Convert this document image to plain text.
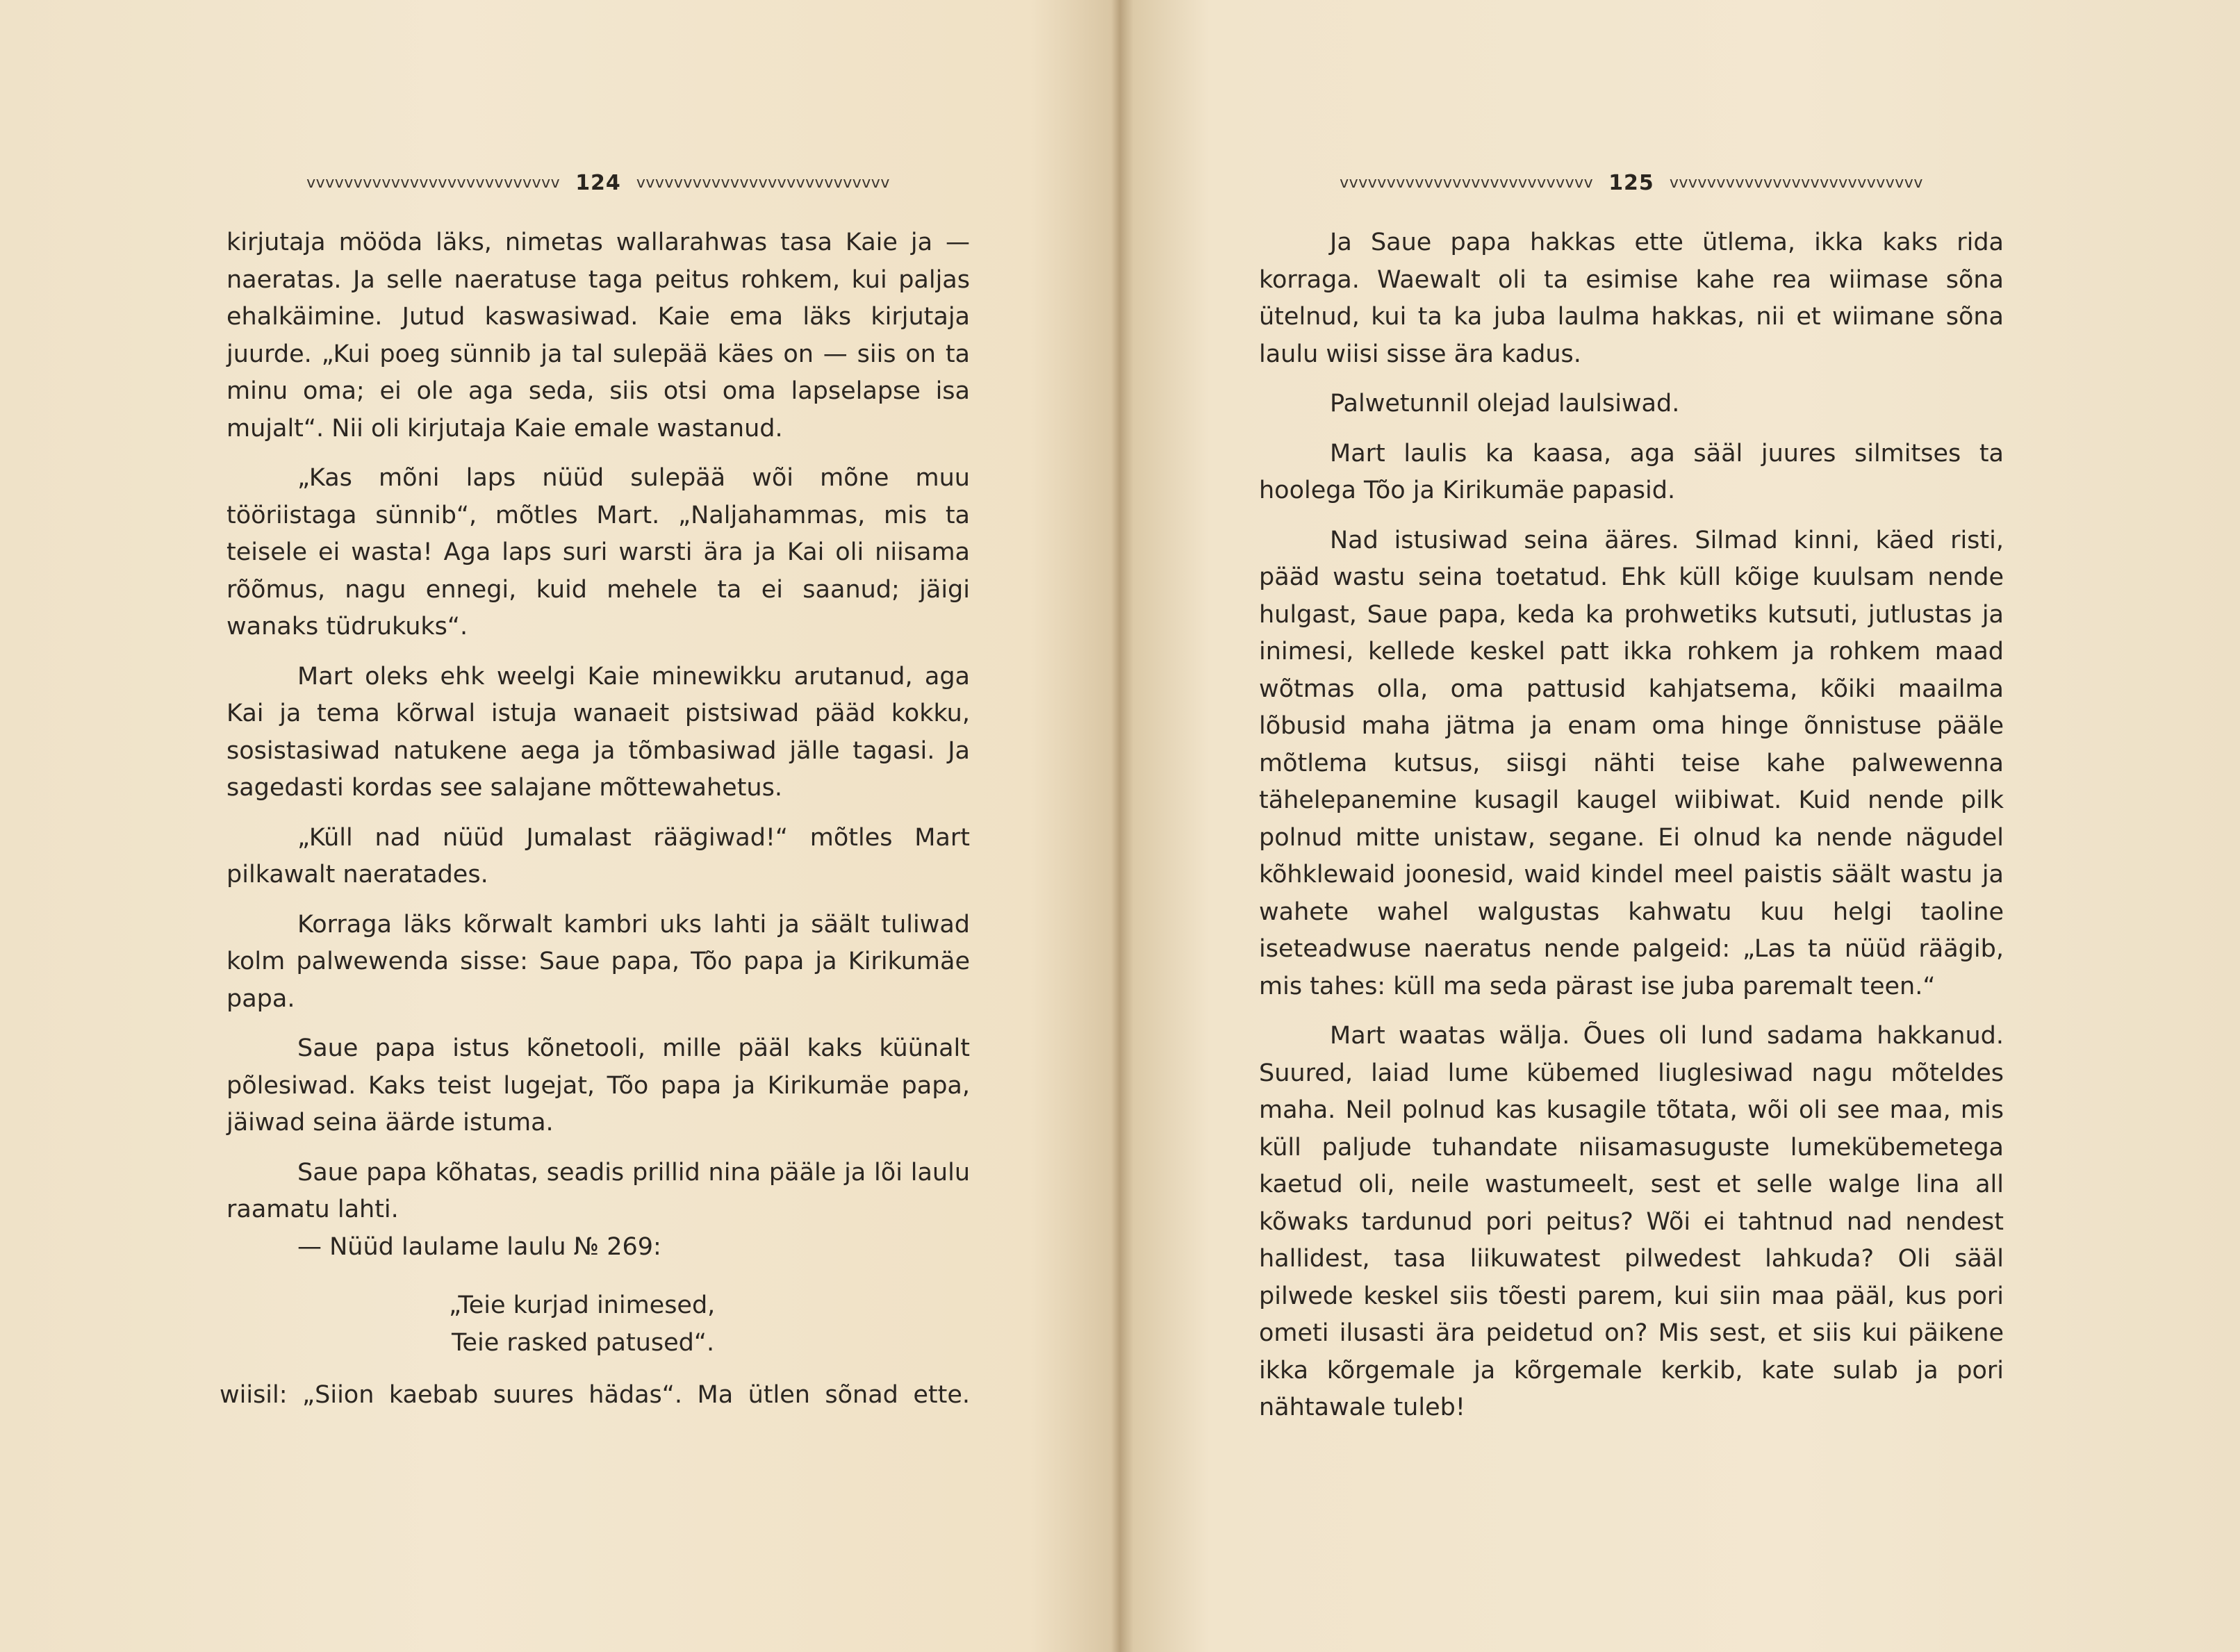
vvvvvvvvvvvvvvvvvvvvvvvvvvv 124 vvvvvvvvvvvvvvvvvvvvvvvvvvv

kirjutaja mööda läks, nimetas wallarahwas tasa Kaie ja — naeratas. Ja selle naeratuse taga peitus rohkem, kui paljas ehalkäimine. Jutud kaswasiwad. Kaie ema läks kirjutaja juurde. „Kui poeg sünnib ja tal sulepää käes on — siis on ta minu oma; ei ole aga seda, siis otsi oma lapselapse isa mujalt“. Nii oli kirjutaja Kaie emale wastanud.

„Kas mõni laps nüüd sulepää wõi mõne muu tööriistaga sünnib“, mõtles Mart. „Naljahammas, mis ta teisele ei wasta! Aga laps suri warsti ära ja Kai oli niisama rõõmus, nagu ennegi, kuid mehele ta ei saanud; jäigi wanaks tüdrukuks“.

Mart oleks ehk weelgi Kaie minewikku arutanud, aga Kai ja tema kõrwal istuja wanaeit pistsiwad pääd kokku, sosistasiwad natukene aega ja tõmbasiwad jälle tagasi. Ja sagedasti kordas see salajane mõttewahetus.

„Küll nad nüüd Jumalast räägiwad!“ mõtles Mart pilkawalt naeratades.

Korraga läks kõrwalt kambri uks lahti ja säält tuliwad kolm palwewenda sisse: Saue papa, Tõo papa ja Kirikumäe papa.

Saue papa istus kõnetooli, mille pääl kaks küünalt põlesiwad. Kaks teist lugejat, Tõo papa ja Kirikumäe papa, jäiwad seina äärde istuma.

Saue papa kõhatas, seadis prillid nina pääle ja lõi laulu raamatu lahti.

— Nüüd laulame laulu № 269:

„Teie kurjad inimesed,
Teie rasked patused“.

wiisil: „Siion kaebab suures hädas“. Ma ütlen sõnad ette.

vvvvvvvvvvvvvvvvvvvvvvvvvvv 125 vvvvvvvvvvvvvvvvvvvvvvvvvvv

Ja Saue papa hakkas ette ütlema, ikka kaks rida korraga. Waewalt oli ta esimise kahe rea wiimase sõna ütelnud, kui ta ka juba laulma hakkas, nii et wiimane sõna laulu wiisi sisse ära kadus.

Palwetunnil olejad laulsiwad.

Mart laulis ka kaasa, aga sääl juures silmitses ta hoolega Tõo ja Kirikumäe papasid.

Nad istusiwad seina ääres. Silmad kinni, käed risti, pääd wastu seina toetatud. Ehk küll kõige kuulsam nende hulgast, Saue papa, keda ka prohwetiks kutsuti, jutlustas ja inimesi, kellede keskel patt ikka rohkem ja rohkem maad wõtmas olla, oma pattusid kahjatsema, kõiki maailma lõbusid maha jätma ja enam oma hinge õnnistuse pääle mõtlema kutsus, siisgi nähti teise kahe palwewenna tähelepanemine kusagil kaugel wiibiwat. Kuid nende pilk polnud mitte unistaw, segane. Ei olnud ka nende nägudel kõhklewaid joonesid, waid kindel meel paistis säält wastu ja wahete wahel walgustas kahwatu kuu helgi taoline iseteadwuse naeratus nende palgeid: „Las ta nüüd räägib, mis tahes: küll ma seda pärast ise juba paremalt teen.“

Mart waatas wälja. Õues oli lund sadama hakkanud. Suured, laiad lume kübemed liuglesiwad nagu mõteldes maha. Neil polnud kas kusagile tõtata, wõi oli see maa, mis küll paljude tuhandate niisamasuguste lumekübemetega kaetud oli, neile wastumeelt, sest et selle walge lina all kõwaks tardunud pori peitus? Wõi ei tahtnud nad nendest hallidest, tasa liikuwatest pilwedest lahkuda? Oli sääl pilwede keskel siis tõesti parem, kui siin maa pääl, kus pori ometi ilusasti ära peidetud on? Mis sest, et siis kui päikene ikka kõrgemale ja kõrgemale kerkib, kate sulab ja pori nähtawale tuleb!
